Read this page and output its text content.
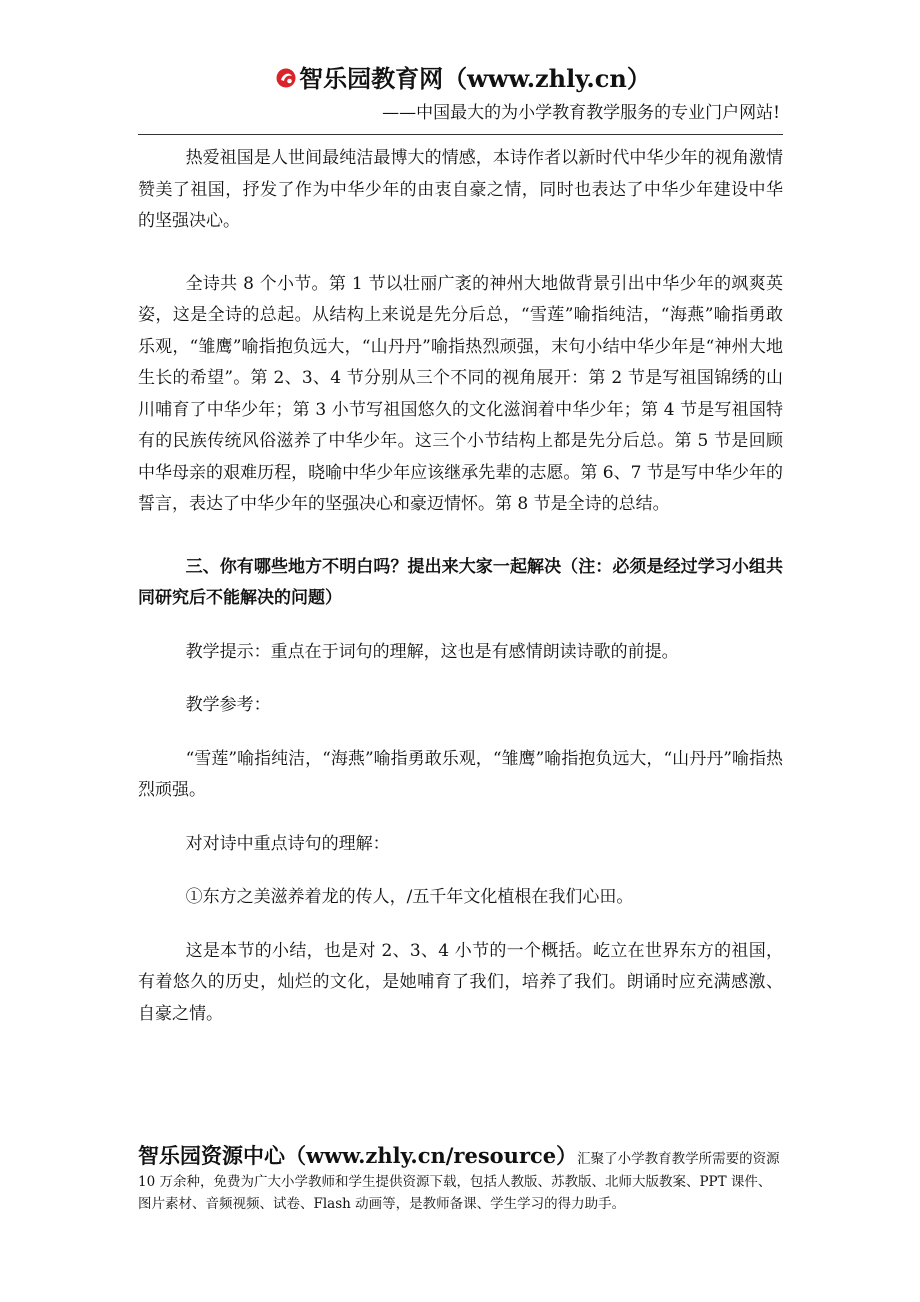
智乐园教育网（www.zhly.cn）
——中国最大的为小学教育教学服务的专业门户网站!

热爱祖国是人世间最纯洁最博大的情感，本诗作者以新时代中华少年的视角激情赞美了祖国，抒发了作为中华少年的由衷自豪之情，同时也表达了中华少年建设中华的坚强决心。

全诗共 8 个小节。第 1 节以壮丽广袤的神州大地做背景引出中华少年的飒爽英姿，这是全诗的总起。从结构上来说是先分后总，“雪莲”喻指纯洁，“海燕”喻指勇敢乐观，“雏鹰”喻指抱负远大，“山丹丹”喻指热烈顽强，末句小结中华少年是“神州大地生长的希望”。第 2、3、4 节分别从三个不同的视角展开：第 2 节是写祖国锦绣的山川哺育了中华少年；第 3 小节写祖国悠久的文化滋润着中华少年；第 4 节是写祖国特有的民族传统风俗滋养了中华少年。这三个小节结构上都是先分后总。第 5 节是回顾中华母亲的艰难历程，晓喻中华少年应该继承先辈的志愿。第 6、7 节是写中华少年的誓言，表达了中华少年的坚强决心和豪迈情怀。第 8 节是全诗的总结。

三、你有哪些地方不明白吗？提出来大家一起解决（注：必须是经过学习小组共同研究后不能解决的问题）

教学提示：重点在于词句的理解，这也是有感情朗读诗歌的前提。

教学参考：

“雪莲”喻指纯洁，“海燕”喻指勇敢乐观，“雏鹰”喻指抱负远大，“山丹丹”喻指热烈顽强。

对对诗中重点诗句的理解：

①东方之美滋养着龙的传人，/五千年文化植根在我们心田。

这是本节的小结，也是对 2、3、4 小节的一个概括。屹立在世界东方的祖国，有着悠久的历史，灿烂的文化，是她哺育了我们，培养了我们。朗诵时应充满感激、自豪之情。

智乐园资源中心（www.zhly.cn/resource）汇聚了小学教育教学所需要的资源 10 万余种，免费为广大小学教师和学生提供资源下载，包括人教版、苏教版、北师大版教案、PPT 课件、图片素材、音频视频、试卷、Flash 动画等，是教师备课、学生学习的得力助手。
